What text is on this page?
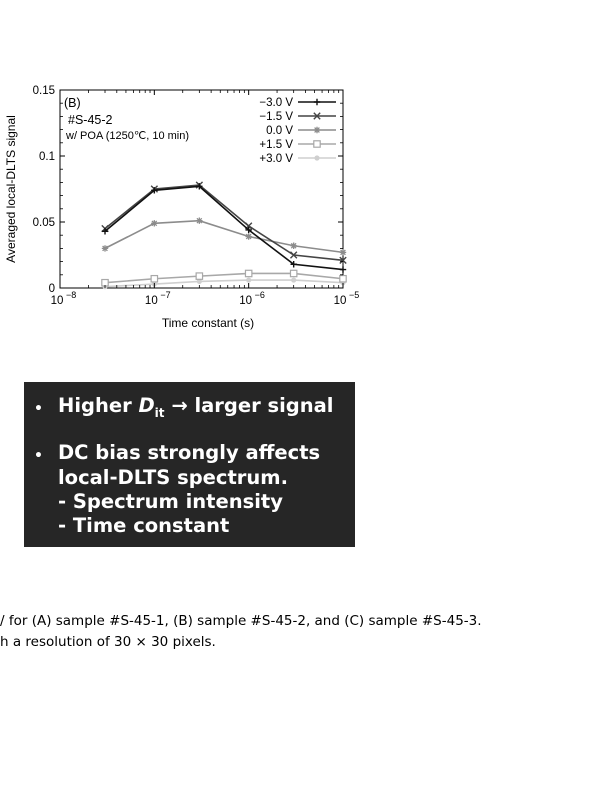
10 −8	10 −7	10 −6	10 −5
0
0.05
0.1
0.15
(B)
#S-45-2
w/ POA (1250℃, 10 min)
−3.0 V
−1.5 V
0.0 V
+1.5 V
+3.0 V
Time constant (s)
Averaged local-DLTS signal
• Higher $D_{it}$ → larger signal
• DC bias strongly affects
local-DLTS spectrum.
- Spectrum intensity
- Time constant
/ for (A) sample #S-45-1, (B) sample #S-45-2, and (C) sample #S-45-3.
h a resolution of 30 × 30 pixels.
